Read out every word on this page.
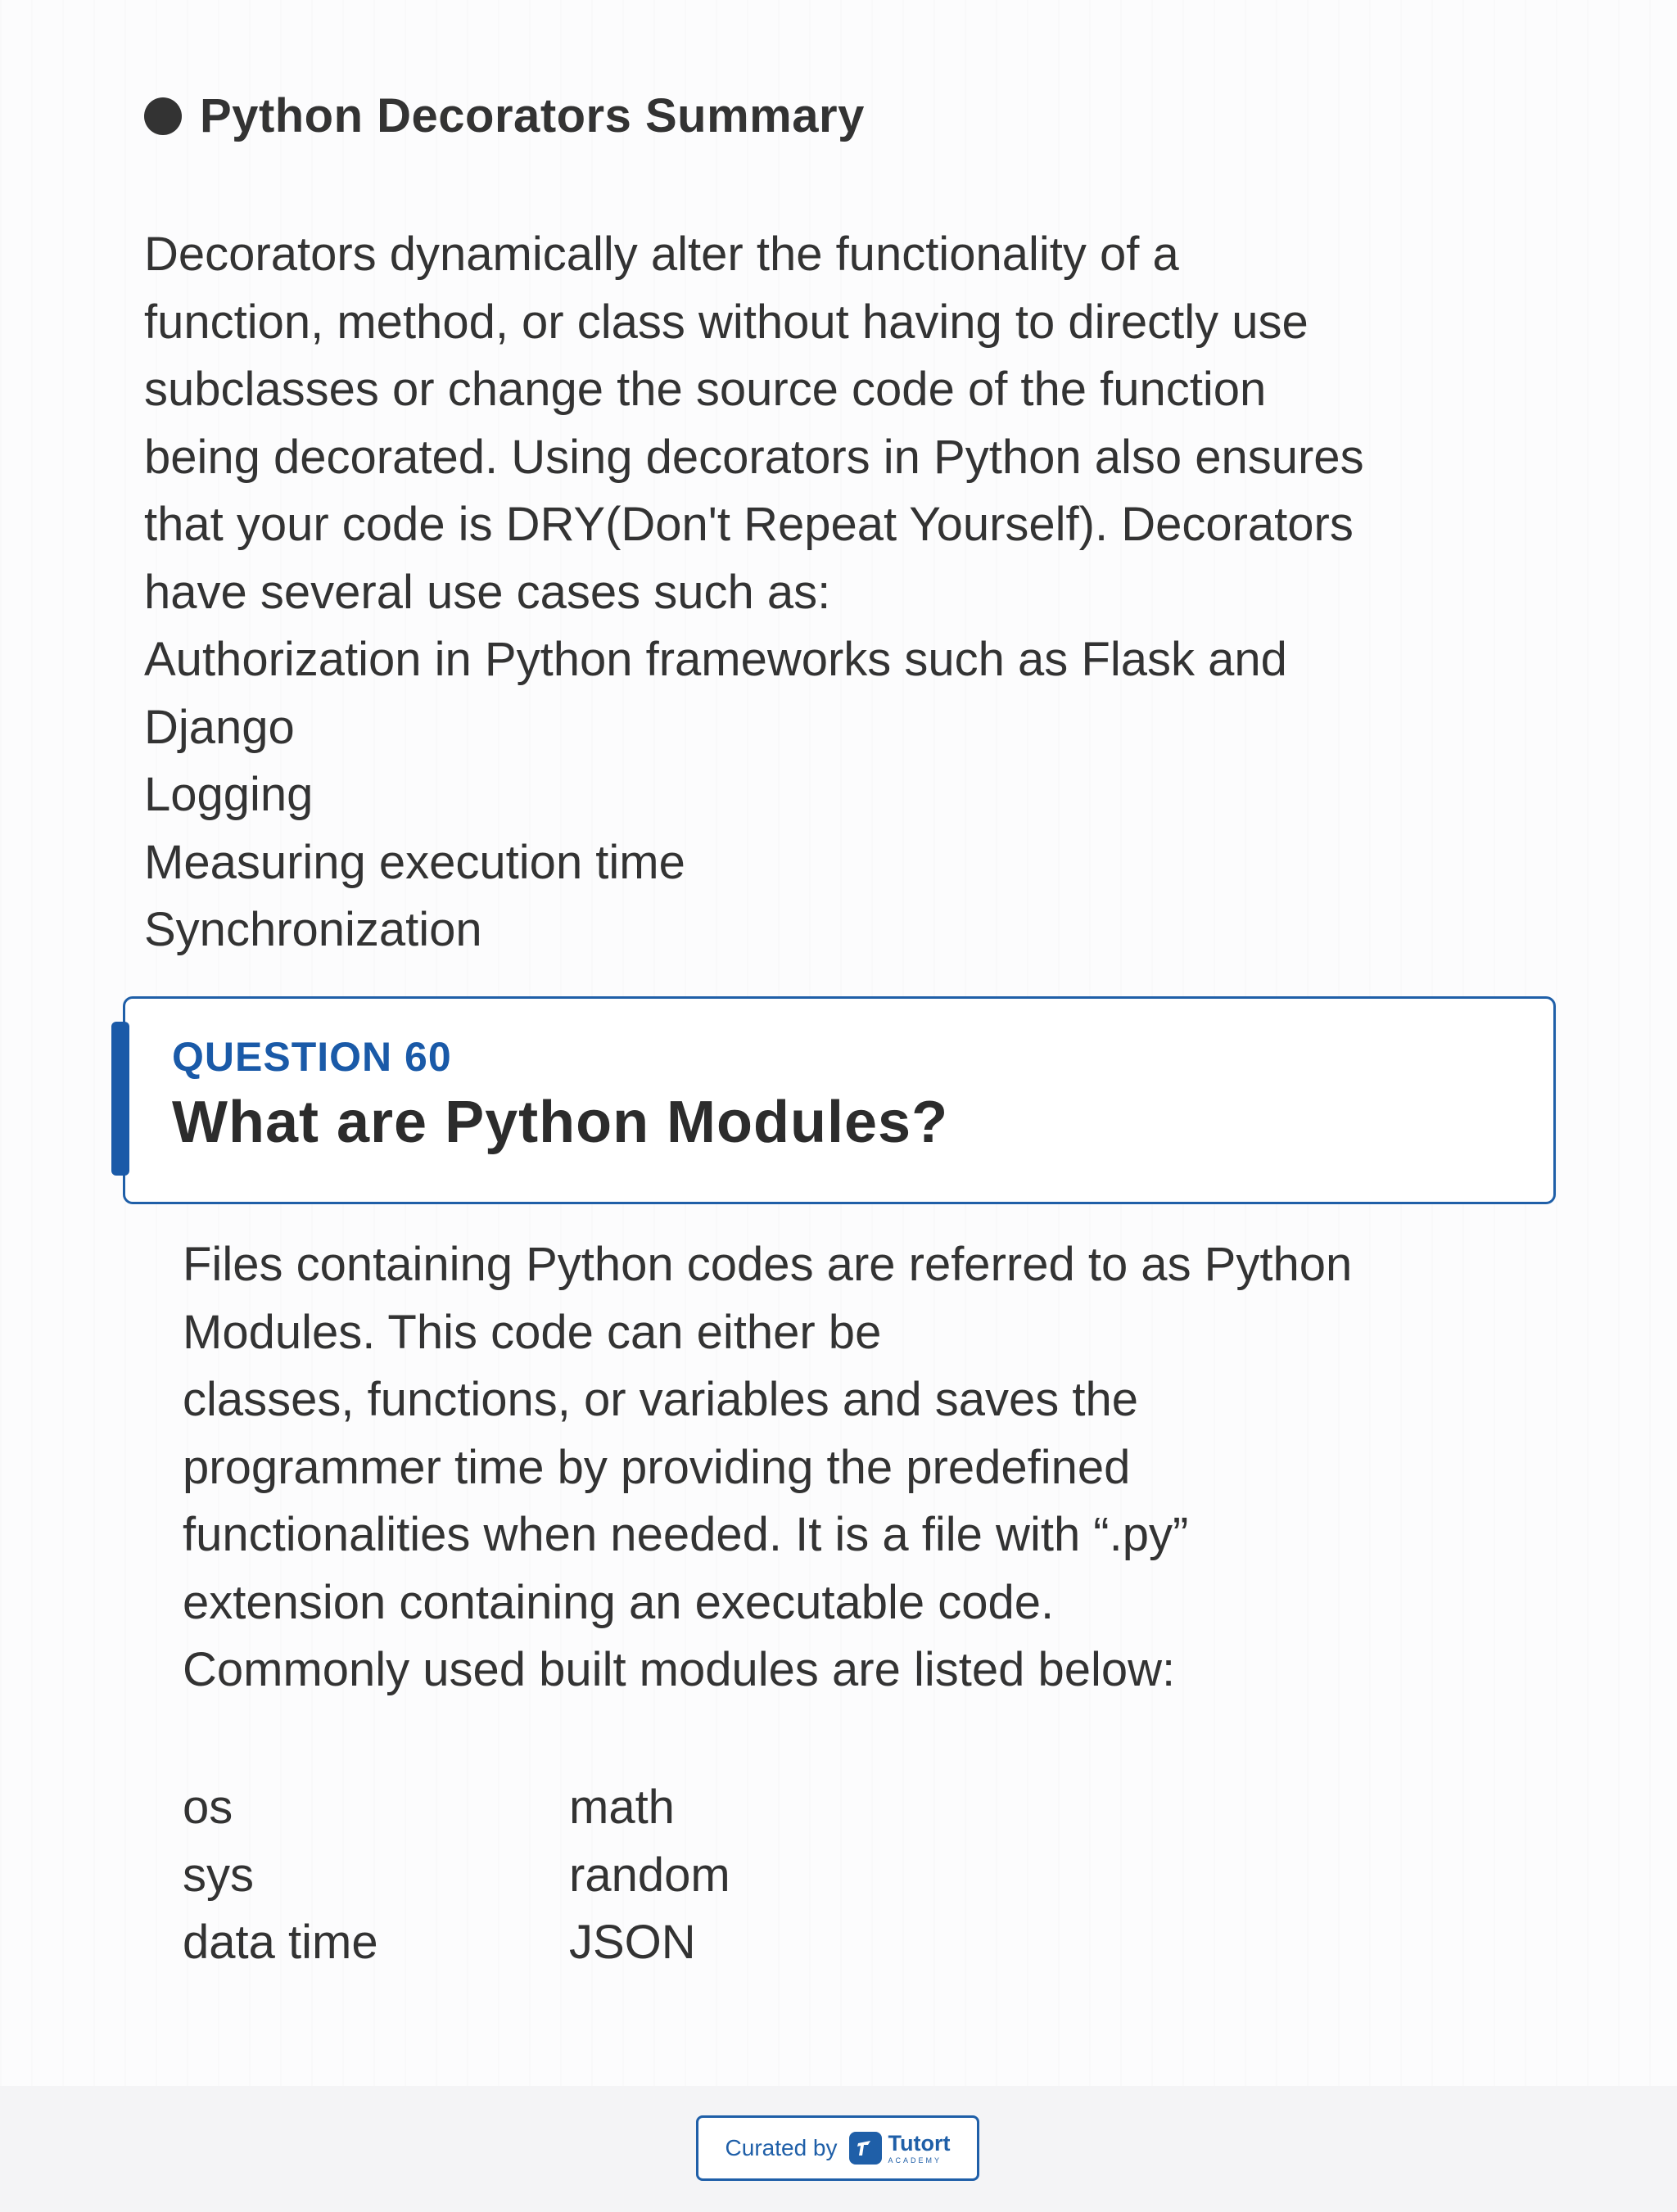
Python Decorators Summary
Decorators dynamically alter the functionality of a
function, method, or class without having to directly use
subclasses or change the source code of the function
being decorated. Using decorators in Python also ensures
that your code is DRY(Don't Repeat Yourself). Decorators
have several use cases such as:
Authorization in Python frameworks such as Flask and
Django
Logging
Measuring execution time
Synchronization
QUESTION 60
What are Python Modules?
Files containing Python codes are referred to as Python
Modules. This code can either be
classes, functions, or variables and saves the
programmer time by providing the predefined
functionalities when needed. It is a file with “.py”
extension containing an executable code.
Commonly used built modules are listed below:
os	math
sys	random
data time	JSON
Curated by Tutort
ACADEMY
